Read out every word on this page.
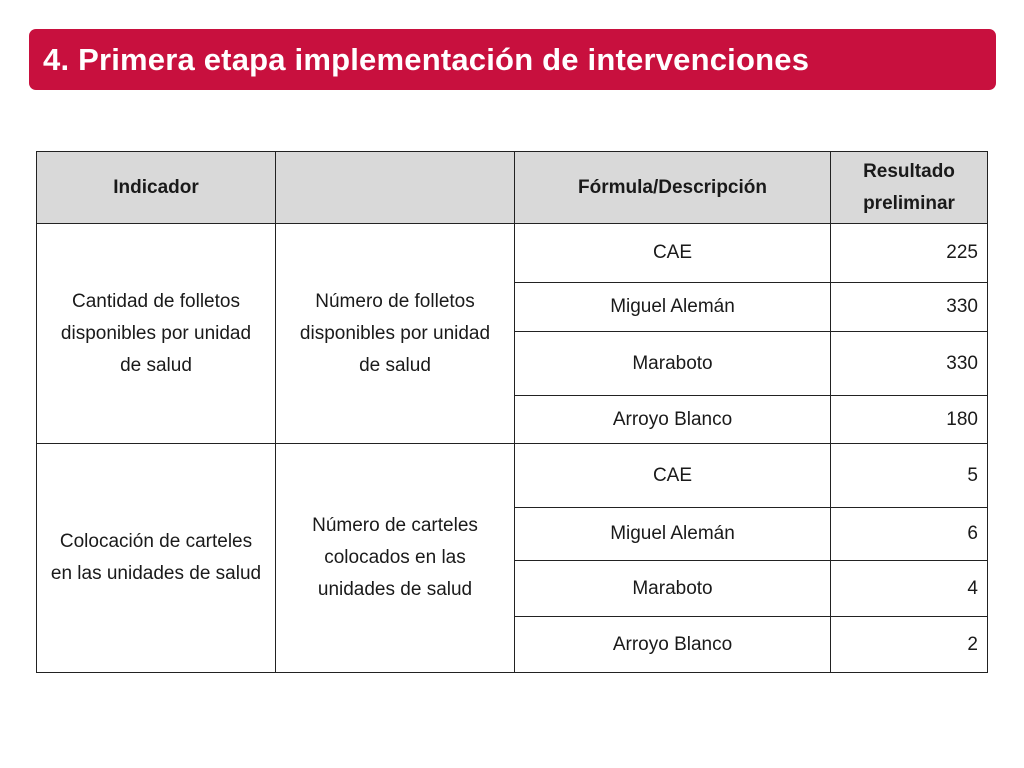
4. Primera etapa implementación de intervenciones
Indicador		Fórmula/Descripción	Resultado preliminar
Cantidad de folletos disponibles por unidad de salud	Número de folletos disponibles por unidad de salud	CAE	225
		Miguel Alemán	330
		Maraboto	330
		Arroyo Blanco	180
Colocación de carteles en las unidades de salud	Número de carteles colocados en las unidades de salud	CAE	5
		Miguel Alemán	6
		Maraboto	4
		Arroyo Blanco	2
